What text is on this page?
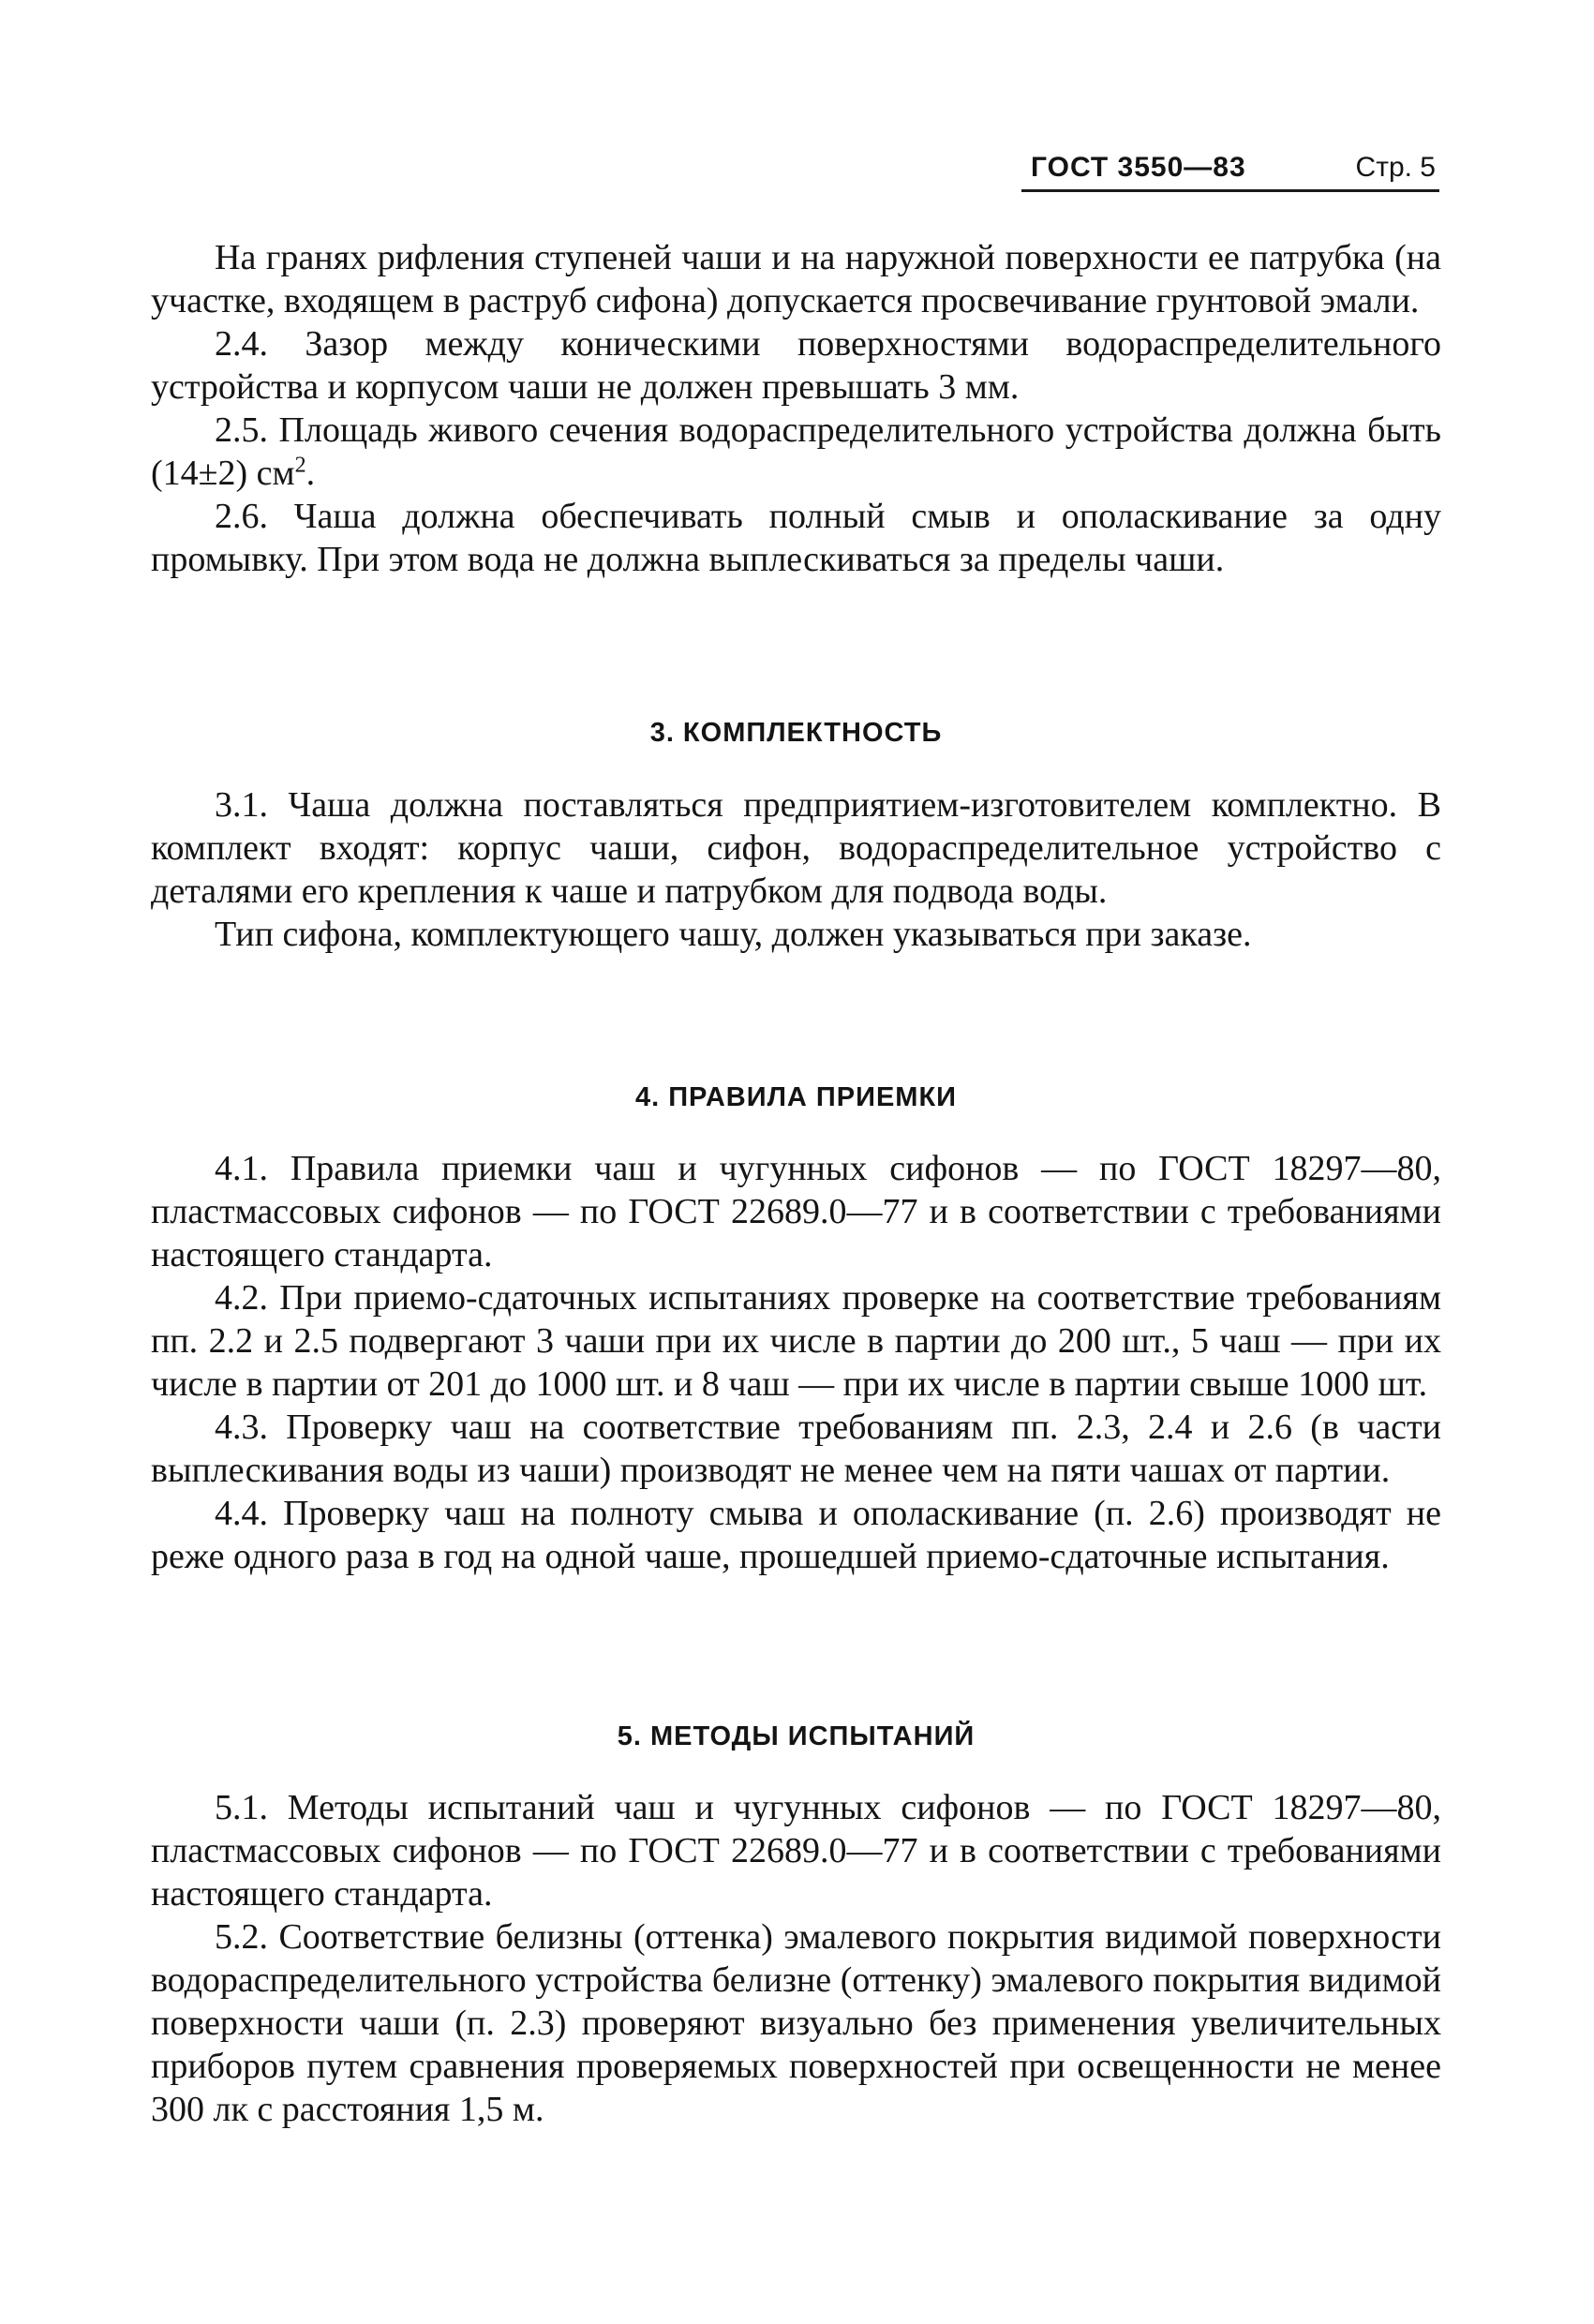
ГОСТ 3550—83	Стр. 5

На гранях рифления ступеней чаши и на наружной поверхности ее патрубка (на участке, входящем в раструб сифона) допускается просвечивание грунтовой эмали.

2.4. Зазор между коническими поверхностями водораспределительного устройства и корпусом чаши не должен превышать 3 мм.

2.5. Площадь живого сечения водораспределительного устройства должна быть (14±2) $см^2$.

2.6. Чаша должна обеспечивать полный смыв и ополаскивание за одну промывку. При этом вода не должна выплескиваться за пределы чаши.

3. КОМПЛЕКТНОСТЬ

3.1. Чаша должна поставляться предприятием-изготовителем комплектно. В комплект входят: корпус чаши, сифон, водораспределительное устройство с деталями его крепления к чаше и патрубком для подвода воды.

Тип сифона, комплектующего чашу, должен указываться при заказе.

4. ПРАВИЛА ПРИЕМКИ

4.1. Правила приемки чаш и чугунных сифонов — по ГОСТ 18297—80, пластмассовых сифонов — по ГОСТ 22689.0—77 и в соответствии с требованиями настоящего стандарта.

4.2. При приемо-сдаточных испытаниях проверке на соответствие требованиям пп. 2.2 и 2.5 подвергают 3 чаши при их числе в партии до 200 шт., 5 чаш — при их числе в партии от 201 до 1000 шт. и 8 чаш — при их числе в партии свыше 1000 шт.

4.3. Проверку чаш на соответствие требованиям пп. 2.3, 2.4 и 2.6 (в части выплескивания воды из чаши) производят не менее чем на пяти чашах от партии.

4.4. Проверку чаш на полноту смыва и ополаскивание (п. 2.6) производят не реже одного раза в год на одной чаше, прошедшей приемо-сдаточные испытания.

5. МЕТОДЫ ИСПЫТАНИЙ

5.1. Методы испытаний чаш и чугунных сифонов — по ГОСТ 18297—80, пластмассовых сифонов — по ГОСТ 22689.0—77 и в соответствии с требованиями настоящего стандарта.

5.2. Соответствие белизны (оттенка) эмалевого покрытия видимой поверхности водораспределительного устройства белизне (оттенку) эмалевого покрытия видимой поверхности чаши (п. 2.3) проверяют визуально без применения увеличительных приборов путем сравнения проверяемых поверхностей при освещенности не менее 300 лк с расстояния 1,5 м.
